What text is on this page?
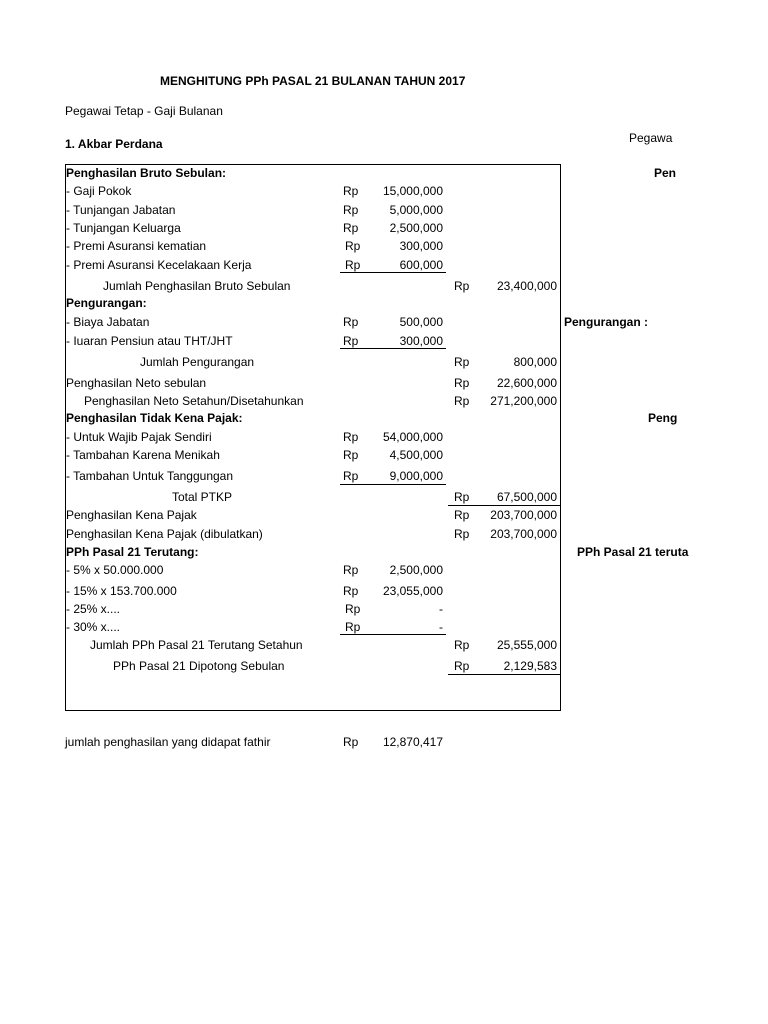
MENGHITUNG PPh PASAL 21 BULANAN TAHUN 2017
Pegawai Tetap - Gaji Bulanan
1. Akbar Perdana	Pegawa
Pen
Pengurangan :
Peng
PPh Pasal 21 teruta
Penghasilan Bruto Sebulan:
- Gaji Pokok	Rp	15,000,000
- Tunjangan Jabatan	Rp	5,000,000
- Tunjangan Keluarga	Rp	2,500,000
- Premi Asuransi kematian	Rp	300,000
- Premi Asuransi Kecelakaan Kerja	Rp	600,000
Jumlah Penghasilan Bruto Sebulan	Rp	23,400,000
Pengurangan:
- Biaya Jabatan	Rp	500,000
- Iuaran Pensiun atau THT/JHT	Rp	300,000
Jumlah Pengurangan	Rp	800,000
Penghasilan Neto sebulan	Rp	22,600,000
Penghasilan Neto Setahun/Disetahunkan	Rp	271,200,000
Penghasilan Tidak Kena Pajak:
- Untuk Wajib Pajak Sendiri	Rp	54,000,000
- Tambahan Karena Menikah	Rp	4,500,000
- Tambahan Untuk Tanggungan	Rp	9,000,000
Total PTKP	Rp	67,500,000
Penghasilan Kena Pajak	Rp	203,700,000
Penghasilan Kena Pajak (dibulatkan)	Rp	203,700,000
PPh Pasal 21 Terutang:
- 5% x 50.000.000	Rp	2,500,000
- 15% x 153.700.000	Rp	23,055,000
- 25% x....	Rp	-
- 30% x....	Rp	-
Jumlah PPh Pasal 21 Terutang Setahun	Rp	25,555,000
PPh Pasal 21 Dipotong Sebulan	Rp	2,129,583
jumlah penghasilan yang didapat fathir	Rp	12,870,417
